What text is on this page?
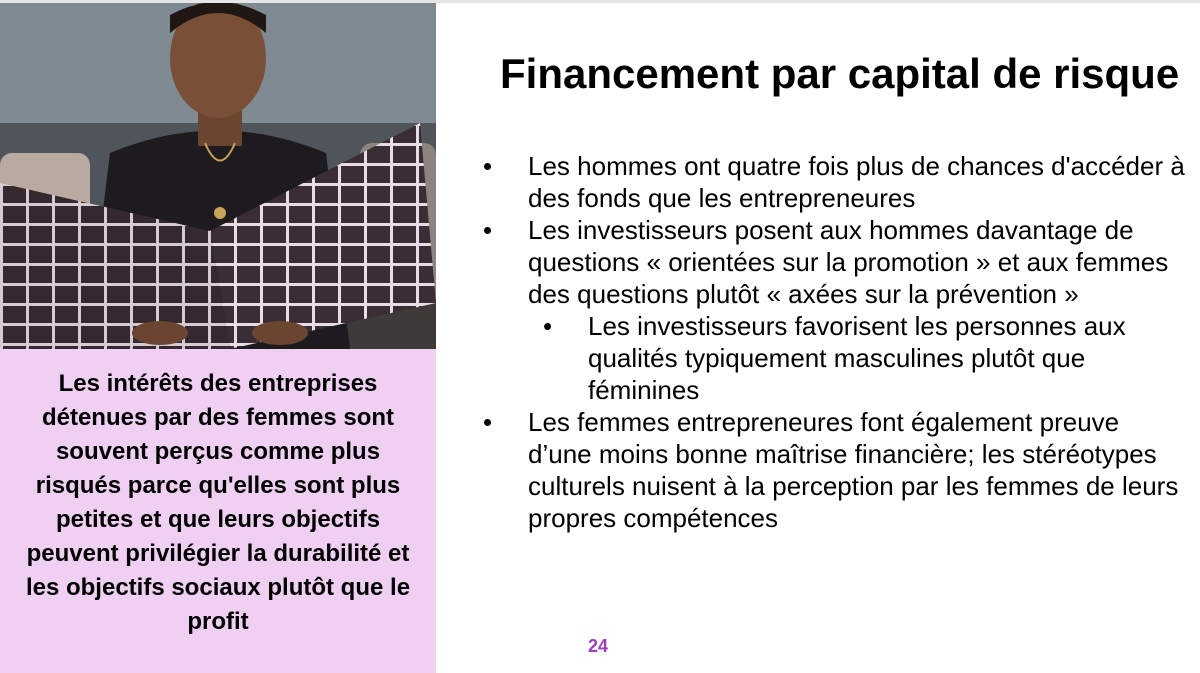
Les intérêts des entreprises détenues par des femmes sont souvent perçus comme plus risqués parce qu'elles sont plus petites et que leurs objectifs peuvent privilégier la durabilité et les objectifs sociaux plutôt que le profit

Financement par capital de risque
•	Les hommes ont quatre fois plus de chances d'accéder à des fonds que les entrepreneures
•	Les investisseurs posent aux hommes davantage de questions « orientées sur la promotion » et aux femmes des questions plutôt « axées sur la prévention »
•	Les investisseurs favorisent les personnes aux qualités typiquement masculines plutôt que féminines
•	Les femmes entrepreneures font également preuve d’une moins bonne maîtrise financière; les stéréotypes culturels nuisent à la perception par les femmes de leurs propres compétences
24
